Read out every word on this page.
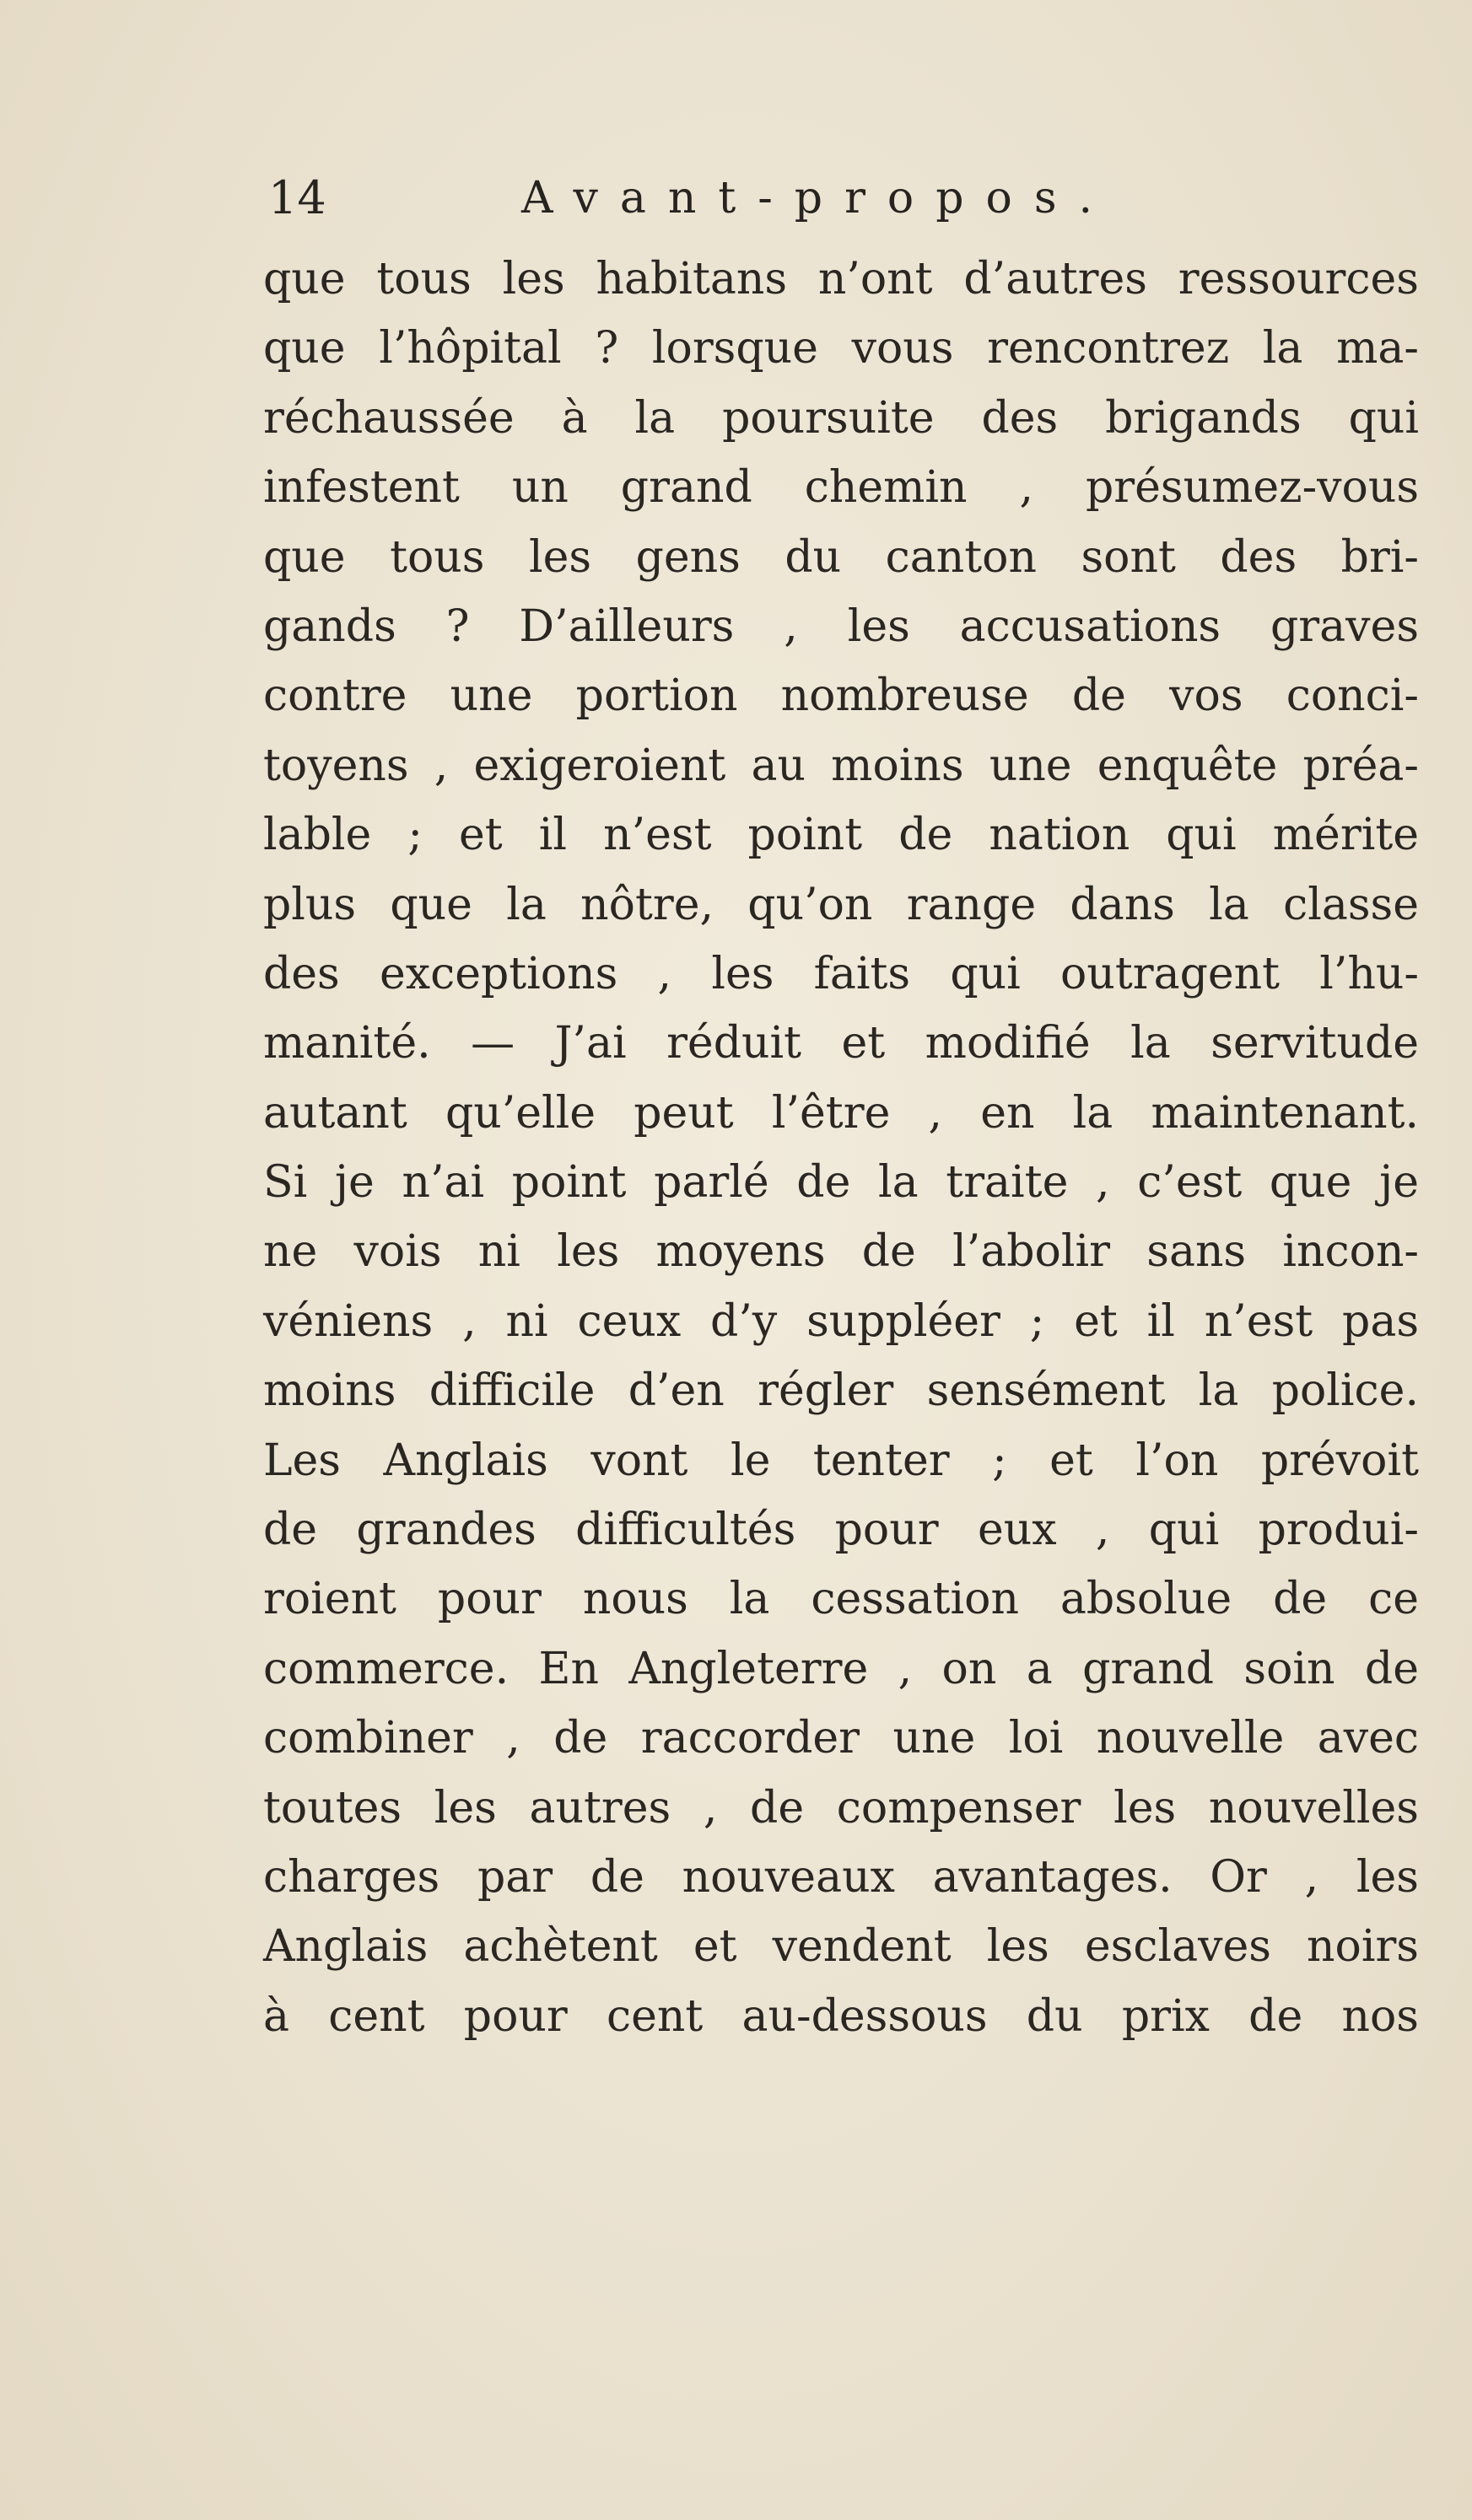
14	Avant-propos.
que tous les habitans n’ont d’autres ressources
que l’hôpital ? lorsque vous rencontrez la ma-
réchaussée à la poursuite des brigands qui
infestent un grand chemin , présumez-vous
que tous les gens du canton sont des bri-
gands ? D’ailleurs , les accusations graves
contre une portion nombreuse de vos conci-
toyens , exigeroient au moins une enquête préa-
lable ; et il n’est point de nation qui mérite
plus que la nôtre, qu’on range dans la classe
des exceptions , les faits qui outragent l’hu-
manité. — J’ai réduit et modifié la servitude
autant qu’elle peut l’être , en la maintenant.
Si je n’ai point parlé de la traite , c’est que je
ne vois ni les moyens de l’abolir sans incon-
véniens , ni ceux d’y suppléer ; et il n’est pas
moins difficile d’en régler sensément la police.
Les Anglais vont le tenter ; et l’on prévoit
de grandes difficultés pour eux , qui produi-
roient pour nous la cessation absolue de ce
commerce. En Angleterre , on a grand soin de
combiner , de raccorder une loi nouvelle avec
toutes les autres , de compenser les nouvelles
charges par de nouveaux avantages. Or , les
Anglais achètent et vendent les esclaves noirs
à cent pour cent au-dessous du prix de nos
